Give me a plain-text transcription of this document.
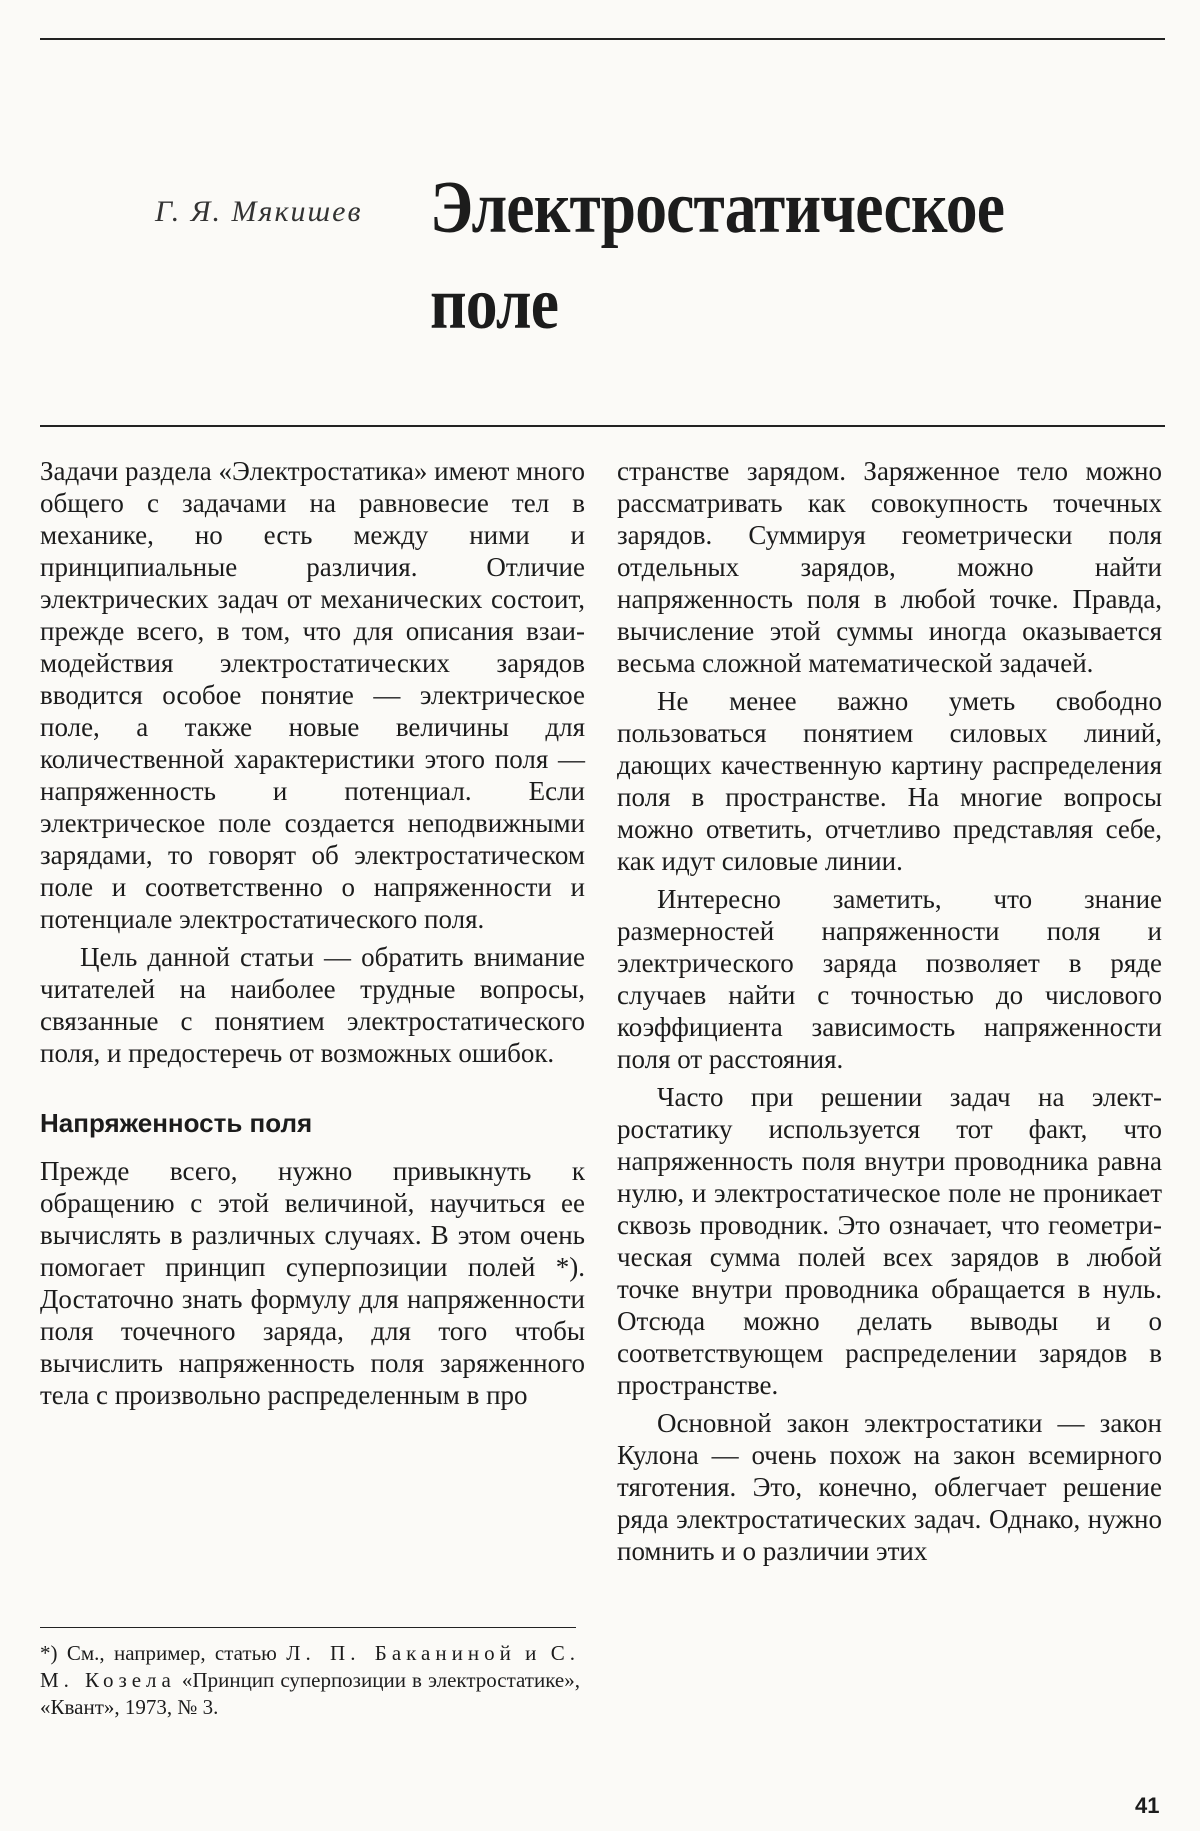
Г. Я. Мякишев Электростатическое
поле

Задачи раздела «Электростатика» имеют много общего с задачами на равновесие тел в механике, но есть между ними и принципиальные различия. Отличие электрических задач от механических состоит, прежде всего, в том, что для описания взаимодействия электростатических зарядов вводится особое понятие — электрическое поле, а также новые величины для количественной характеристики этого поля — напряженность и потенциал. Если электрическое поле создается неподвижными зарядами, то говорят об электростатическом поле и соответственно о напряженности и потенциале электростатического поля.

Цель данной статьи — обратить внимание читателей на наиболее трудные вопросы, связанные с понятием электростатического поля, и предостеречь от возможных ошибок.

Напряженность поля

Прежде всего, нужно привыкнуть к обращению с этой величиной, научиться ее вычислять в различных случаях. В этом очень помогает принцип суперпозиции полей *). Достаточно знать формулу для напряженности поля точечного заряда, для того чтобы вычислить напряженность поля заряженного тела с произвольно распределенным в про

*) См., например, статью Л. П. Баканиной и С. М. Козела «Принцип суперпозиции в электростатике», «Квант», 1973, № 3.

странстве зарядом. Заряженное тело можно рассматривать как совокупность точечных зарядов. Суммируя геометрически поля отдельных зарядов, можно найти напряженность поля в любой точке. Правда, вычисление этой суммы иногда оказывается весьма сложной математической задачей.

Не менее важно уметь свободно пользоваться понятием силовых линий, дающих качественную картину распределения поля в пространстве. На многие вопросы можно ответить, отчетливо представляя себе, как идут силовые линии.

Интересно заметить, что знание размерностей напряженности поля и электрического заряда позволяет в ряде случаев найти с точностью до числового коэффициента зависимость напряженности поля от расстояния.

Часто при решении задач на электростатику используется тот факт, что напряженность поля внутри проводника равна нулю, и электростатическое поле не проникает сквозь проводник. Это означает, что геометрическая сумма полей всех зарядов в любой точке внутри проводника обращается в нуль. Отсюда можно делать выводы и о соответствующем распределении зарядов в пространстве.

Основной закон электростатики — закон Кулона — очень похож на закон всемирного тяготения. Это, конечно, облегчает решение ряда электростатических задач. Однако, нужно помнить и о различии этих

41
